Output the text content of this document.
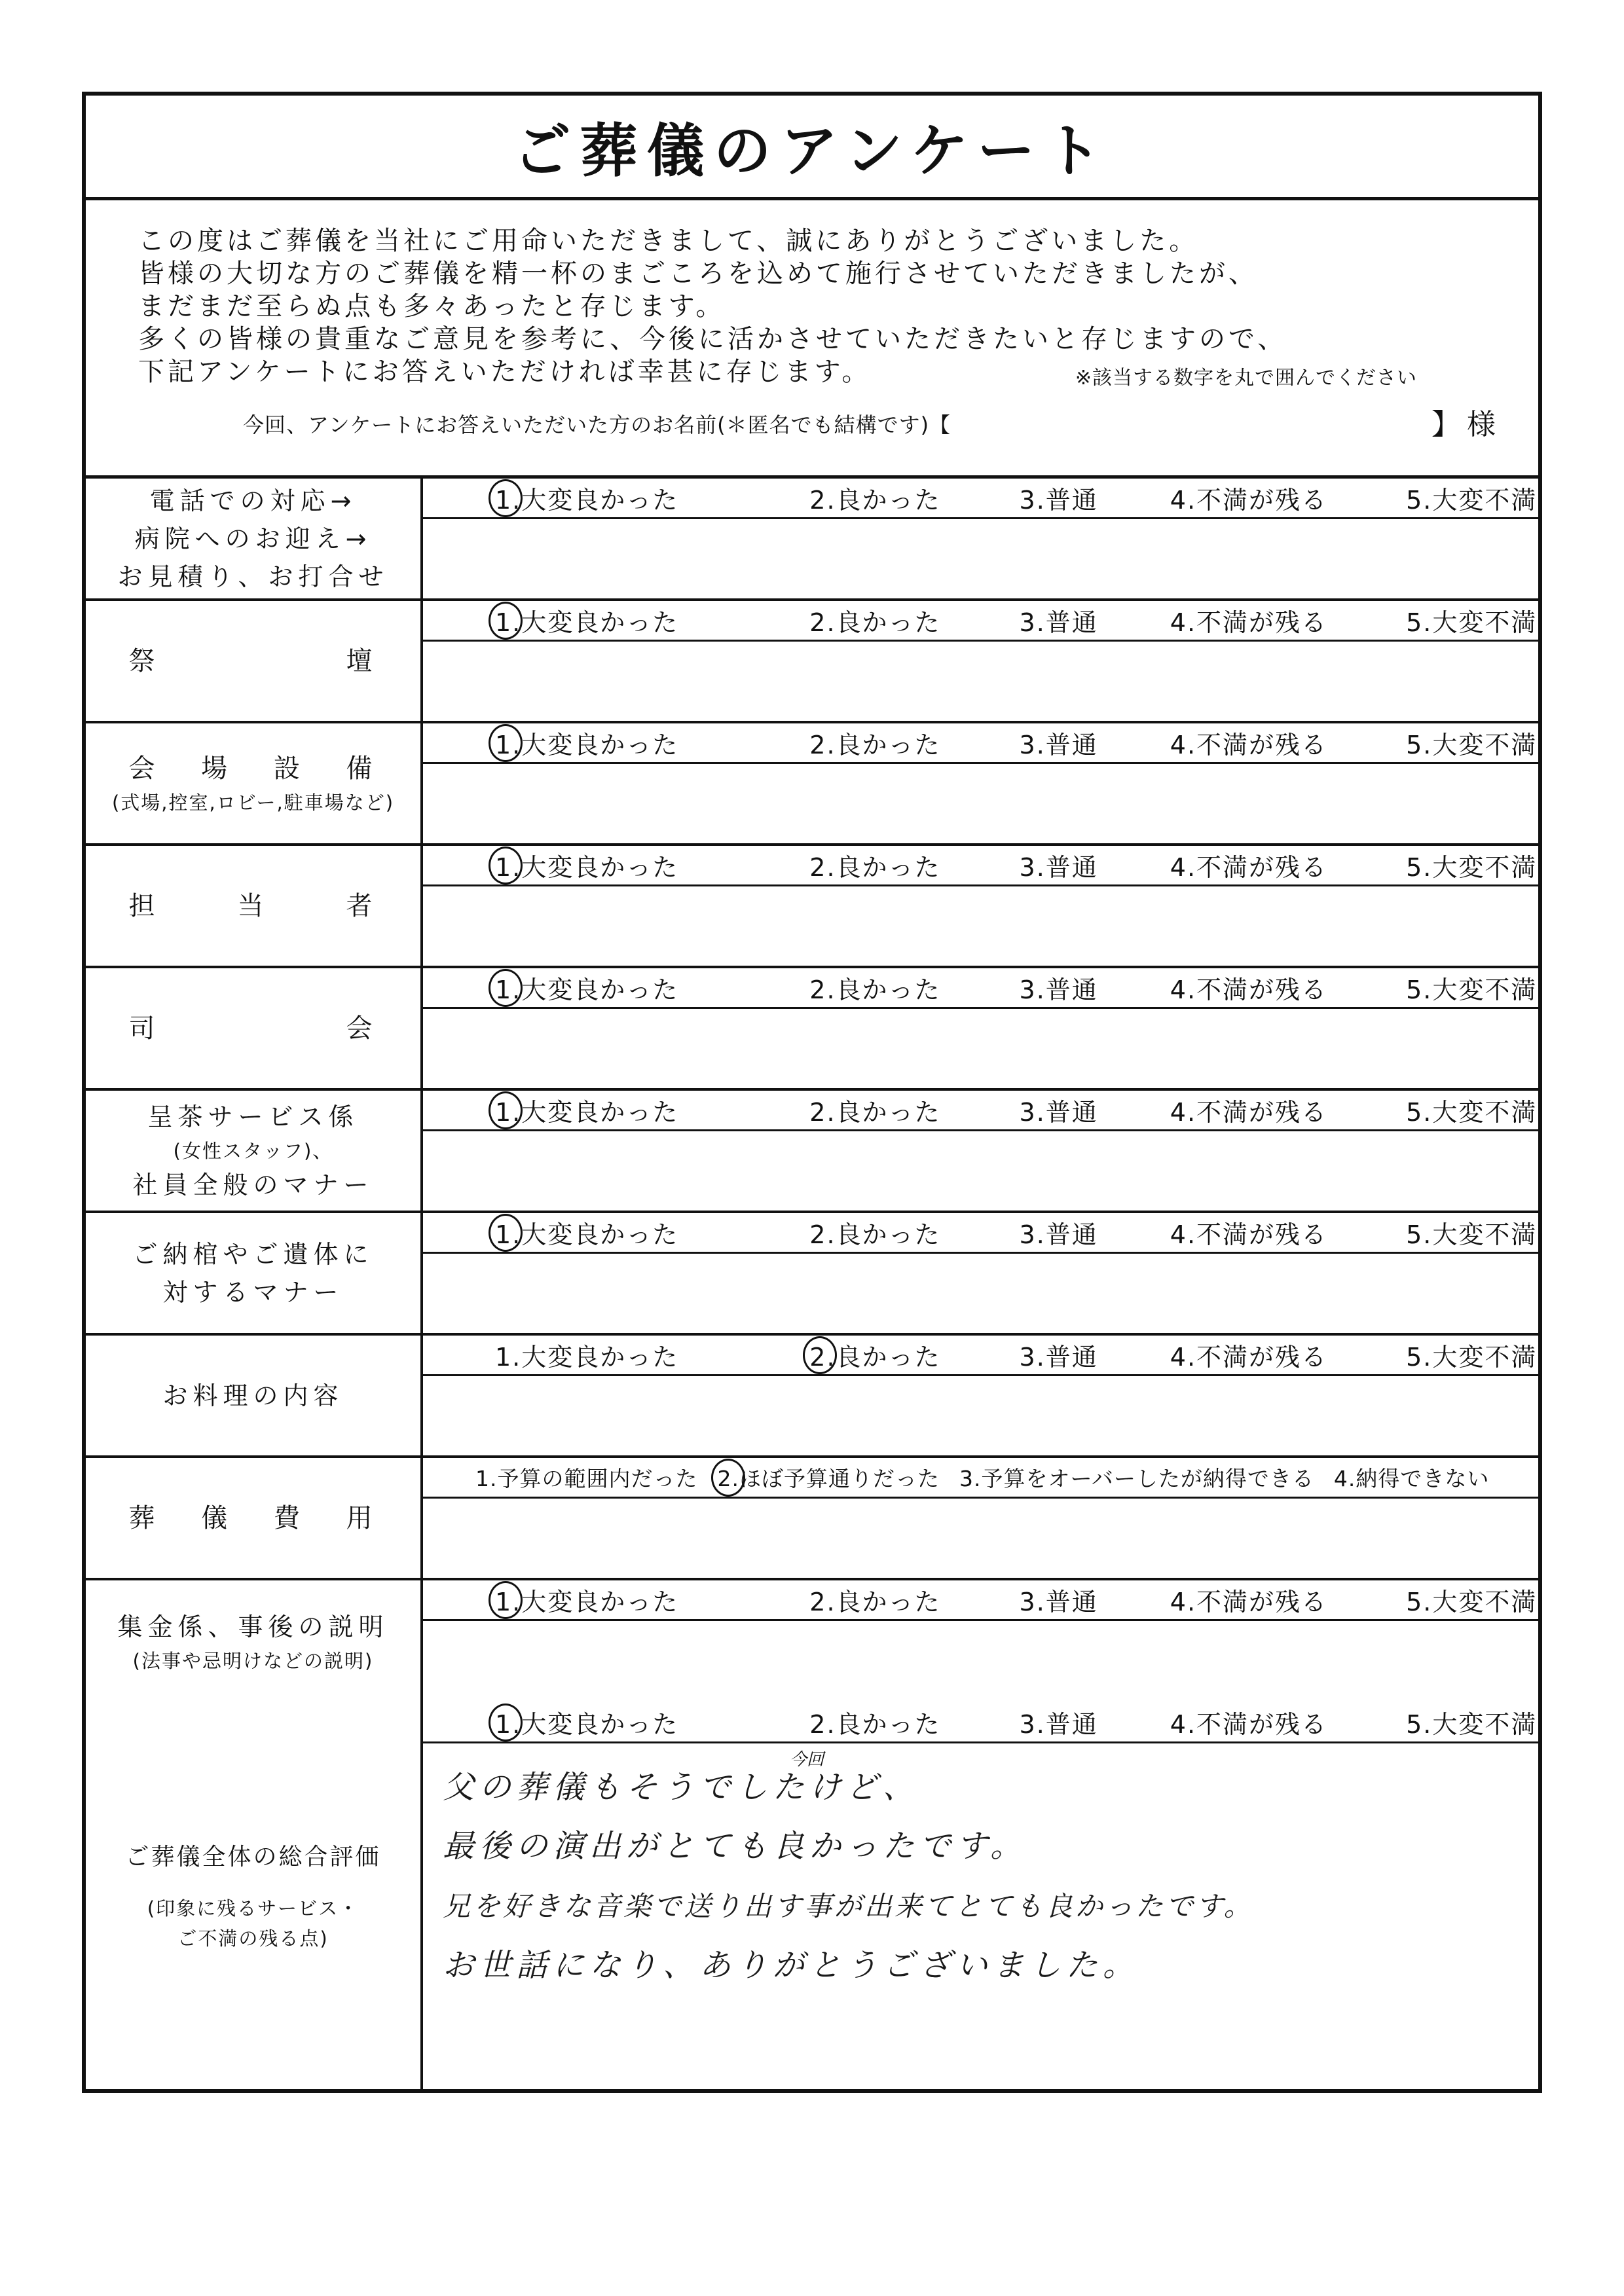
ご葬儀のアンケート
この度はご葬儀を当社にご用命いただきまして、誠にありがとうございました。
皆様の大切な方のご葬儀を精一杯のまごころを込めて施行させていただきましたが、
まだまだ至らぬ点も多々あったと存じます。
多くの皆様の貴重なご意見を参考に、今後に活かさせていただきたいと存じますので、
下記アンケートにお答えいただければ幸甚に存じます。	※該当する数字を丸で囲んでください
今回、アンケートにお答えいただいた方のお名前(＊匿名でも結構です)【	】様
電話での対応→
病院へのお迎え→
お見積り、お打合せ
1.大変良かった	2.良かった	3.普通	4.不満が残る	5.大変不満
祭	壇
1.大変良かった	2.良かった	3.普通	4.不満が残る	5.大変不満
会 場 設 備
(式場,控室,ロビー,駐車場など)
1.大変良かった	2.良かった	3.普通	4.不満が残る	5.大変不満
担	当	者
1.大変良かった	2.良かった	3.普通	4.不満が残る	5.大変不満
司	会
1.大変良かった	2.良かった	3.普通	4.不満が残る	5.大変不満
呈茶サービス係
(女性スタッフ)、
社員全般のマナー
1.大変良かった	2.良かった	3.普通	4.不満が残る	5.大変不満
ご納棺やご遺体に
対するマナー
1.大変良かった	2.良かった	3.普通	4.不満が残る	5.大変不満
お料理の内容
1.大変良かった	2.良かった	3.普通	4.不満が残る	5.大変不満
葬 儀 費 用
1.予算の範囲内だった 2.ほぼ予算通りだった 3.予算をオーバーしたが納得できる 4.納得できない
集金係、事後の説明
(法事や忌明けなどの説明)
1.大変良かった	2.良かった	3.普通	4.不満が残る	5.大変不満
ご葬儀全体の総合評価
(印象に残るサービス・
ご不満の残る点)
1.大変良かった	2.良かった	3.普通	4.不満が残る	5.大変不満
父の葬儀もそうでしたけど、
今回
最後の演出がとても良かったです。
兄を好きな音楽で送り出す事が出来てとても良かったです。
お世話になり、ありがとうございました。
